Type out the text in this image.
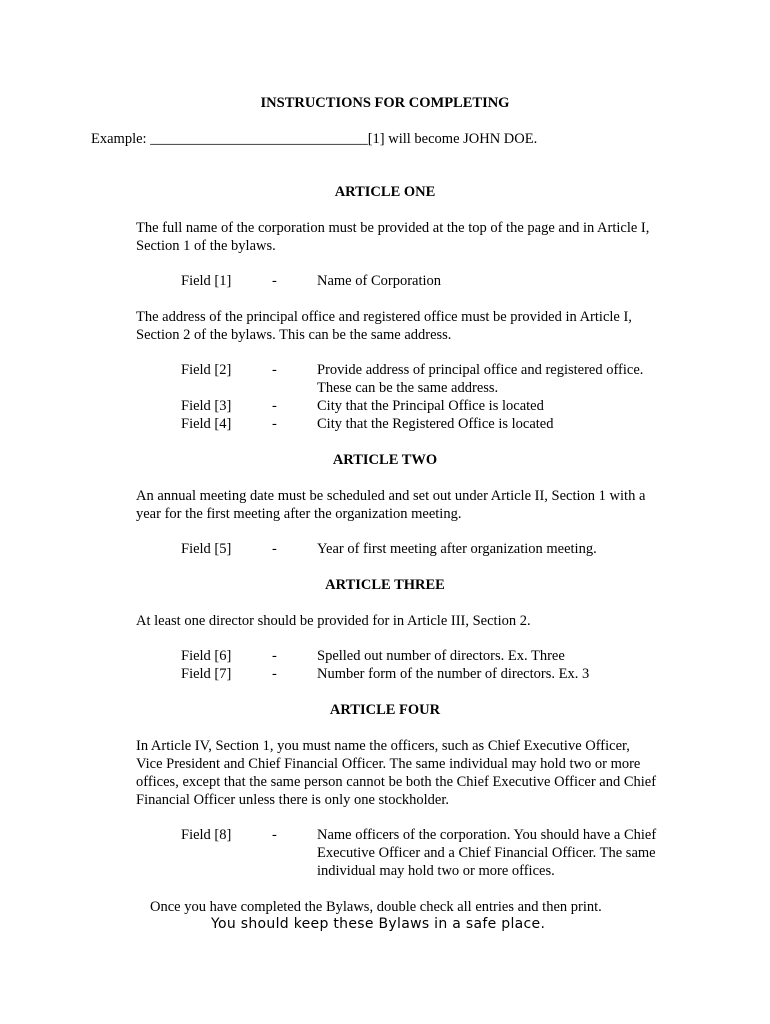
INSTRUCTIONS FOR COMPLETING
Example: ______________________________[1] will become JOHN DOE.
ARTICLE ONE
The full name of the corporation must be provided at the top of the page and in Article I,
Section 1 of the bylaws.
Field [1]	-	Name of Corporation
The address of the principal office and registered office must be provided in Article I,
Section 2 of the bylaws. This can be the same address.
Field [2]	-	Provide address of principal office and registered office.
These can be the same address.
Field [3]	-	City that the Principal Office is located
Field [4]	-	City that the Registered Office is located
ARTICLE TWO
An annual meeting date must be scheduled and set out under Article II, Section 1 with a
year for the first meeting after the organization meeting.
Field [5]	-	Year of first meeting after organization meeting.
ARTICLE THREE
At least one director should be provided for in Article III, Section 2.
Field [6]	-	Spelled out number of directors. Ex. Three
Field [7]	-	Number form of the number of directors. Ex. 3
ARTICLE FOUR
In Article IV, Section 1, you must name the officers, such as Chief Executive Officer,
Vice President and Chief Financial Officer. The same individual may hold two or more
offices, except that the same person cannot be both the Chief Executive Officer and Chief
Financial Officer unless there is only one stockholder.
Field [8]	-	Name officers of the corporation. You should have a Chief
Executive Officer and a Chief Financial Officer. The same
individual may hold two or more offices.
Once you have completed the Bylaws, double check all entries and then print.
You should keep these Bylaws in a safe place.
